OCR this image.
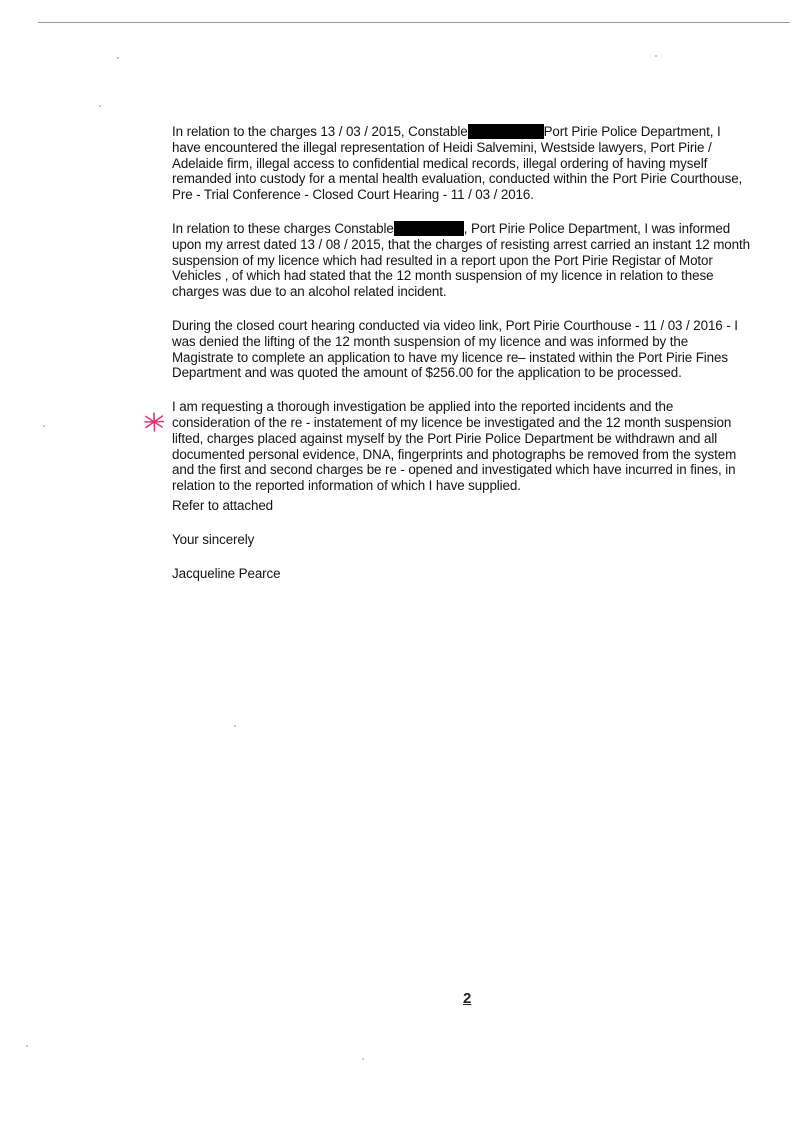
In relation to the charges 13 / 03 / 2015, Constable	Port Pirie Police Department, I have encountered the illegal representation of Heidi Salvemini, Westside lawyers, Port Pirie / Adelaide firm, illegal access to confidential medical records, illegal ordering of having myself remanded into custody for a mental health evaluation, conducted within the Port Pirie Courthouse, Pre - Trial Conference - Closed Court Hearing - 11 / 03 / 2016.

In relation to these charges Constable	, Port Pirie Police Department, I was informed upon my arrest dated 13 / 08 / 2015, that the charges of resisting arrest carried an instant 12 month suspension of my licence which had resulted in a report upon the Port Pirie Registar of Motor Vehicles , of which had stated that the 12 month suspension of my licence in relation to these charges was due to an alcohol related incident.

During the closed court hearing conducted via video link, Port Pirie Courthouse - 11 / 03 / 2016 - I was denied the lifting of the 12 month suspension of my licence and was informed by the Magistrate to complete an application to have my licence re– instated within the Port Pirie Fines Department and was quoted the amount of $256.00 for the application to be processed.

I am requesting a thorough investigation be applied into the reported incidents and the consideration of the re - instatement of my licence be investigated and the 12 month suspension lifted, charges placed against myself by the Port Pirie Police Department be withdrawn and all documented personal evidence, DNA, fingerprints and photographs be removed from the system and the first and second charges be re - opened and investigated which have incurred in fines, in relation to the reported information of which I have supplied.

Refer to attached

Your sincerely

Jacqueline Pearce

2
